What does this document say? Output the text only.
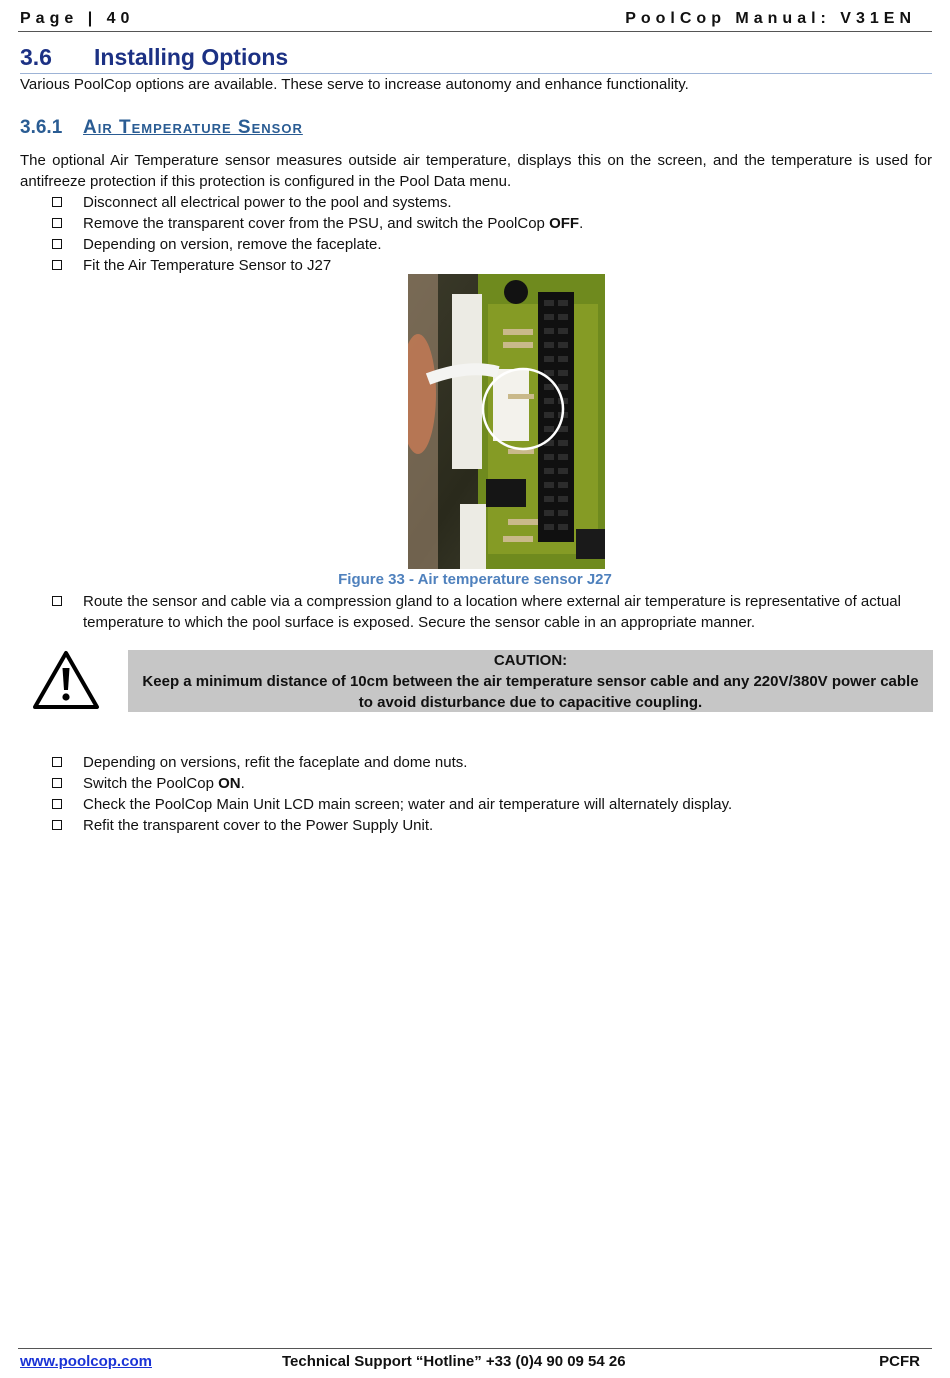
Page | 40	PoolCop Manual: V31EN
3.6 Installing Options
Various PoolCop options are available. These serve to increase autonomy and enhance functionality.
3.6.1 Air Temperature Sensor
The optional Air Temperature sensor measures outside air temperature, displays this on the screen, and the temperature is used for antifreeze protection if this protection is configured in the Pool Data menu.
Disconnect all electrical power to the pool and systems.
Remove the transparent cover from the PSU, and switch the PoolCop OFF.
Depending on version, remove the faceplate.
Fit the Air Temperature Sensor to J27
Figure 33 - Air temperature sensor J27
Route the sensor and cable via a compression gland to a location where external air temperature is representative of actual temperature to which the pool surface is exposed. Secure the sensor cable in an appropriate manner.
CAUTION:
Keep a minimum distance of 10cm between the air temperature sensor cable and any 220V/380V power cable to avoid disturbance due to capacitive coupling.
Depending on versions, refit the faceplate and dome nuts.
Switch the PoolCop ON.
Check the PoolCop Main Unit LCD main screen; water and air temperature will alternately display.
Refit the transparent cover to the Power Supply Unit.
www.poolcop.com	Technical Support “Hotline” +33 (0)4 90 09 54 26	PCFR
